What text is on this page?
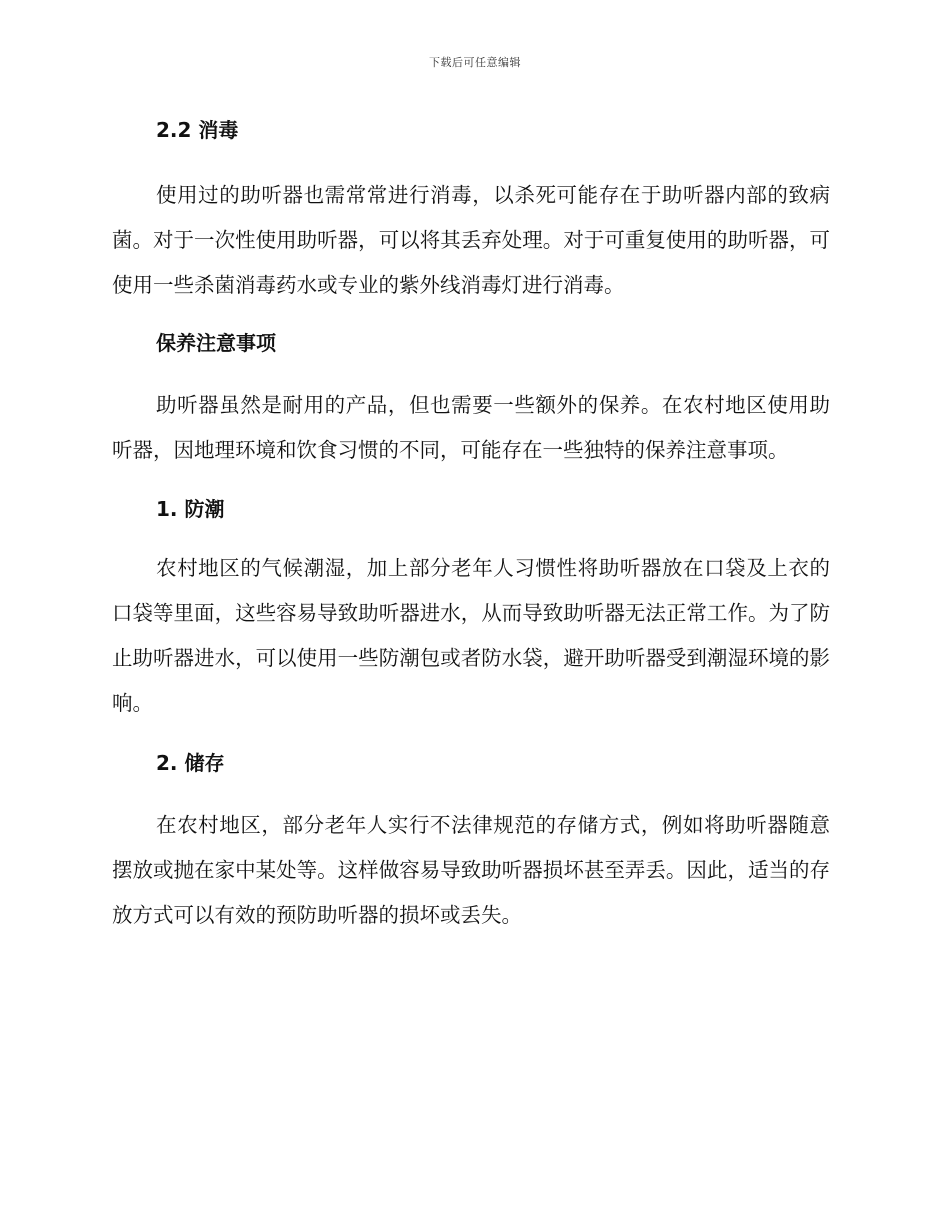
下载后可任意编辑
2.2 消毒

使用过的助听器也需常常进行消毒，以杀死可能存在于助听器内部的致病菌。对于一次性使用助听器，可以将其丢弃处理。对于可重复使用的助听器，可使用一些杀菌消毒药水或专业的紫外线消毒灯进行消毒。

保养注意事项

助听器虽然是耐用的产品，但也需要一些额外的保养。在农村地区使用助听器，因地理环境和饮食习惯的不同，可能存在一些独特的保养注意事项。

1. 防潮

农村地区的气候潮湿，加上部分老年人习惯性将助听器放在口袋及上衣的口袋等里面，这些容易导致助听器进水，从而导致助听器无法正常工作。为了防止助听器进水，可以使用一些防潮包或者防水袋，避开助听器受到潮湿环境的影响。

2. 储存

在农村地区，部分老年人实行不法律规范的存储方式，例如将助听器随意摆放或抛在家中某处等。这样做容易导致助听器损坏甚至弄丢。因此，适当的存放方式可以有效的预防助听器的损坏或丢失。
